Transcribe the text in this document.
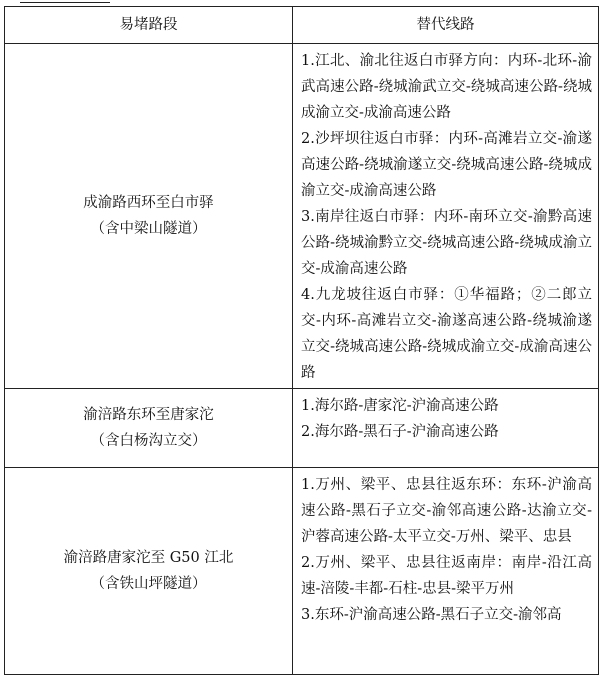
易堵路段	替代线路

成渝路西环至白市驿
（含中梁山隧道）	1.江北、渝北往返白市驿方向：内环-北环-渝武高速公路-绕城渝武立交-绕城高速公路-绕城成渝立交-成渝高速公路
2.沙坪坝往返白市驿：内环-高滩岩立交-渝遂高速公路-绕城渝遂立交-绕城高速公路-绕城成渝立交-成渝高速公路
3.南岸往返白市驿：内环-南环立交-渝黔高速公路-绕城渝黔立交-绕城高速公路-绕城成渝立交-成渝高速公路
4.九龙坡往返白市驿：①华福路；②二郎立交-内环-高滩岩立交-渝遂高速公路-绕城渝遂立交-绕城高速公路-绕城成渝立交-成渝高速公路

渝涪路东环至唐家沱
（含白杨沟立交）	1.海尔路-唐家沱-沪渝高速公路
2.海尔路-黑石子-沪渝高速公路

渝涪路唐家沱至 G50 江北
（含铁山坪隧道）	1.万州、梁平、忠县往返东环：东环-沪渝高速公路-黑石子立交-渝邻高速公路-达渝立交-沪蓉高速公路-太平立交-万州、梁平、忠县
2.万州、梁平、忠县往返南岸：南岸-沿江高速-涪陵-丰都-石柱-忠县-梁平万州
3.东环-沪渝高速公路-黑石子立交-渝邻高
